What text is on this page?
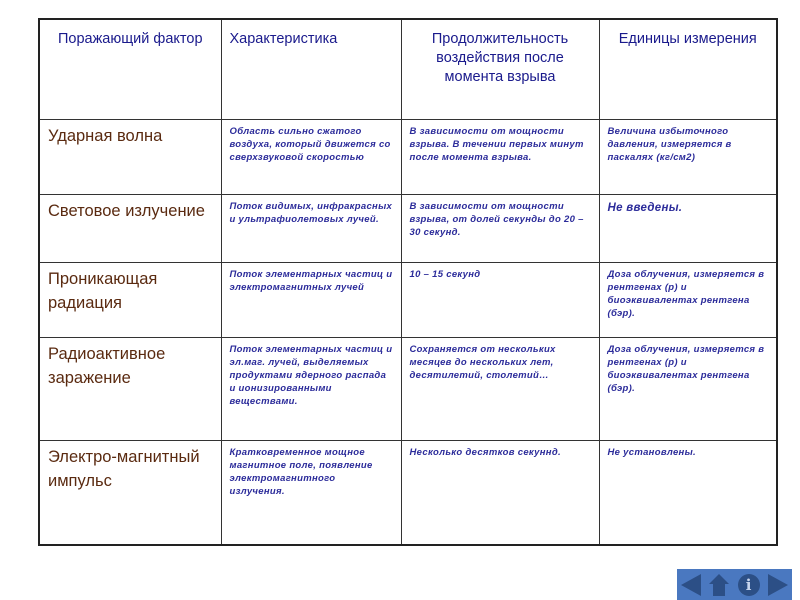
Поражающий фактор	Характеристика	Продолжительность воздействия после момента взрыва	Единицы измерения
Ударная волна	Область сильно сжатого воздуха, который движется со сверхзвуковой скоростью	В зависимости от мощности взрыва. В течении первых минут после момента взрыва.	Величина избыточного давления, измеряется в паскалях (кг/см2)
Световое излучение	Поток видимых, инфракрасных и ультрафиолетовых лучей.	В зависимости от мощности взрыва, от долей секунды до 20 – 30 секунд.	Не введены.
Проникающая радиация	Поток элементарных частиц и электромагнитных лучей	10 – 15 секунд	Доза облучения, измеряется в рентгенах (р) и биоэквивалентах рентгена (бэр).
Радиоактивное заражение	Поток элементарных частиц и эл.маг. лучей, выделяемых продуктами ядерного распада и ионизированными веществами.	Сохраняется от нескольких месяцев до нескольких лет, десятилетий, столетий…	Доза облучения, измеряется в рентгенах (р) и биоэквивалентах рентгена (бэр).
Электро-магнитный импульс	Кратковременное мощное магнитное поле, появление электромагнитного излучения.	Несколько десятков секуннд.	Не установлены.
i
